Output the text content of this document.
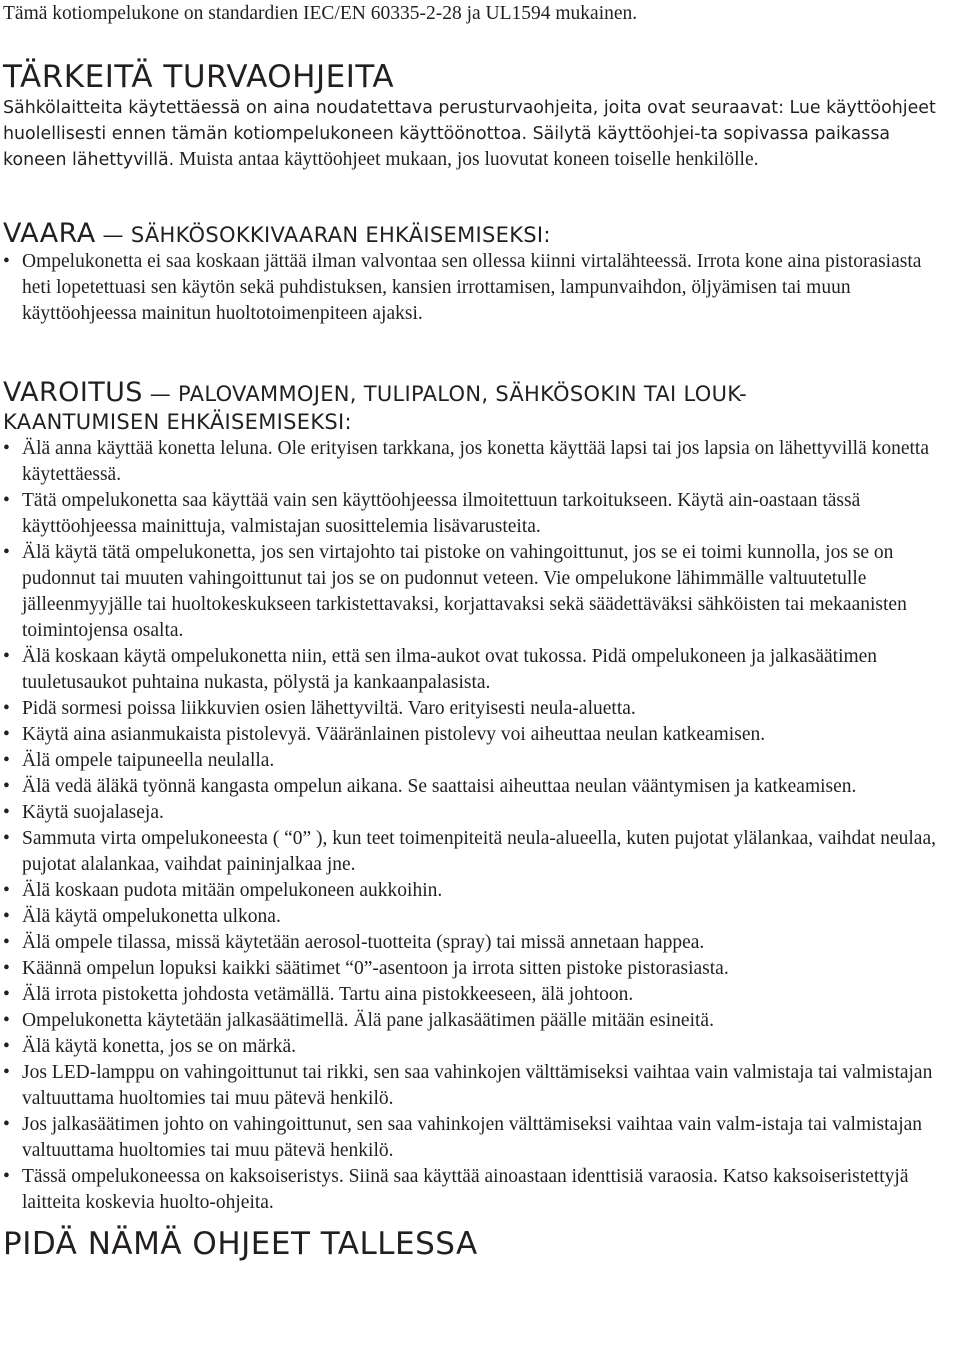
Tämä kotiompelukone on standardien IEC/EN 60335-2-28 ja UL1594 mukainen.

TÄRKEITÄ TURVAOHJEITA

Sähkölaitteita käytettäessä on aina noudatettava perusturvaohjeita, joita ovat seuraavat: Lue käyttöohjeet huolellisesti ennen tämän kotiompelukoneen käyttöönottoa. Säilytä käyttöohjei-ta sopivassa paikassa koneen lähettyvillä. Muista antaa käyttöohjeet mukaan, jos luovutat koneen toiselle henkilölle.

VAARA — SÄHKÖSOKKIVAARAN EHKÄISEMISEKSI:
• Ompelukonetta ei saa koskaan jättää ilman valvontaa sen ollessa kiinni virtalähteessä. Irrota kone aina pistorasiasta heti lopetettuasi sen käytön sekä puhdistuksen, kansien irrottamisen, lampunvaihdon, öljyämisen tai muun käyttöohjeessa mainitun huoltotoimenpiteen ajaksi.
VAROITUS — PALOVAMMOJEN, TULIPALON, SÄHKÖSOKIN TAI LOUK-
KAANTUMISEN EHKÄISEMISEKSI:
• Älä anna käyttää konetta leluna. Ole erityisen tarkkana, jos konetta käyttää lapsi tai jos lapsia on lähettyvillä konetta käytettäessä.
• Tätä ompelukonetta saa käyttää vain sen käyttöohjeessa ilmoitettuun tarkoitukseen. Käytä ain-oastaan tässä käyttöohjeessa mainittuja, valmistajan suosittelemia lisävarusteita.
• Älä käytä tätä ompelukonetta, jos sen virtajohto tai pistoke on vahingoittunut, jos se ei toimi kunnolla, jos se on pudonnut tai muuten vahingoittunut tai jos se on pudonnut veteen. Vie ompelukone lähimmälle valtuutetulle jälleenmyyjälle tai huoltokeskukseen tarkistettavaksi, korjattavaksi sekä säädettäväksi sähköisten tai mekaanisten toimintojensa osalta.
• Älä koskaan käytä ompelukonetta niin, että sen ilma-aukot ovat tukossa. Pidä ompelukoneen ja jalkasäätimen tuuletusaukot puhtaina nukasta, pölystä ja kankaanpalasista.
• Pidä sormesi poissa liikkuvien osien lähettyviltä. Varo erityisesti neula-aluetta.
• Käytä aina asianmukaista pistolevyä. Vääränlainen pistolevy voi aiheuttaa neulan katkeamisen.
• Älä ompele taipuneella neulalla.
• Älä vedä äläkä työnnä kangasta ompelun aikana. Se saattaisi aiheuttaa neulan vääntymisen ja katkeamisen.
• Käytä suojalaseja.
• Sammuta virta ompelukoneesta ( “0” ), kun teet toimenpiteitä neula-alueella, kuten pujotat ylälankaa, vaihdat neulaa, pujotat alalankaa, vaihdat paininjalkaa jne.
• Älä koskaan pudota mitään ompelukoneen aukkoihin.
• Älä käytä ompelukonetta ulkona.
• Älä ompele tilassa, missä käytetään aerosol-tuotteita (spray) tai missä annetaan happea.
• Käännä ompelun lopuksi kaikki säätimet “0”-asentoon ja irrota sitten pistoke pistorasiasta.
• Älä irrota pistoketta johdosta vetämällä. Tartu aina pistokkeeseen, älä johtoon.
• Ompelukonetta käytetään jalkasäätimellä. Älä pane jalkasäätimen päälle mitään esineitä.
• Älä käytä konetta, jos se on märkä.
• Jos LED-lamppu on vahingoittunut tai rikki, sen saa vahinkojen välttämiseksi vaihtaa vain valmistaja tai valmistajan valtuuttama huoltomies tai muu pätevä henkilö.
• Jos jalkasäätimen johto on vahingoittunut, sen saa vahinkojen välttämiseksi vaihtaa vain valm-istaja tai valmistajan valtuuttama huoltomies tai muu pätevä henkilö.
• Tässä ompelukoneessa on kaksoiseristys. Siinä saa käyttää ainoastaan identtisiä varaosia. Katso kaksoiseristettyjä laitteita koskevia huolto-ohjeita.
PIDÄ NÄMÄ OHJEET TALLESSA
